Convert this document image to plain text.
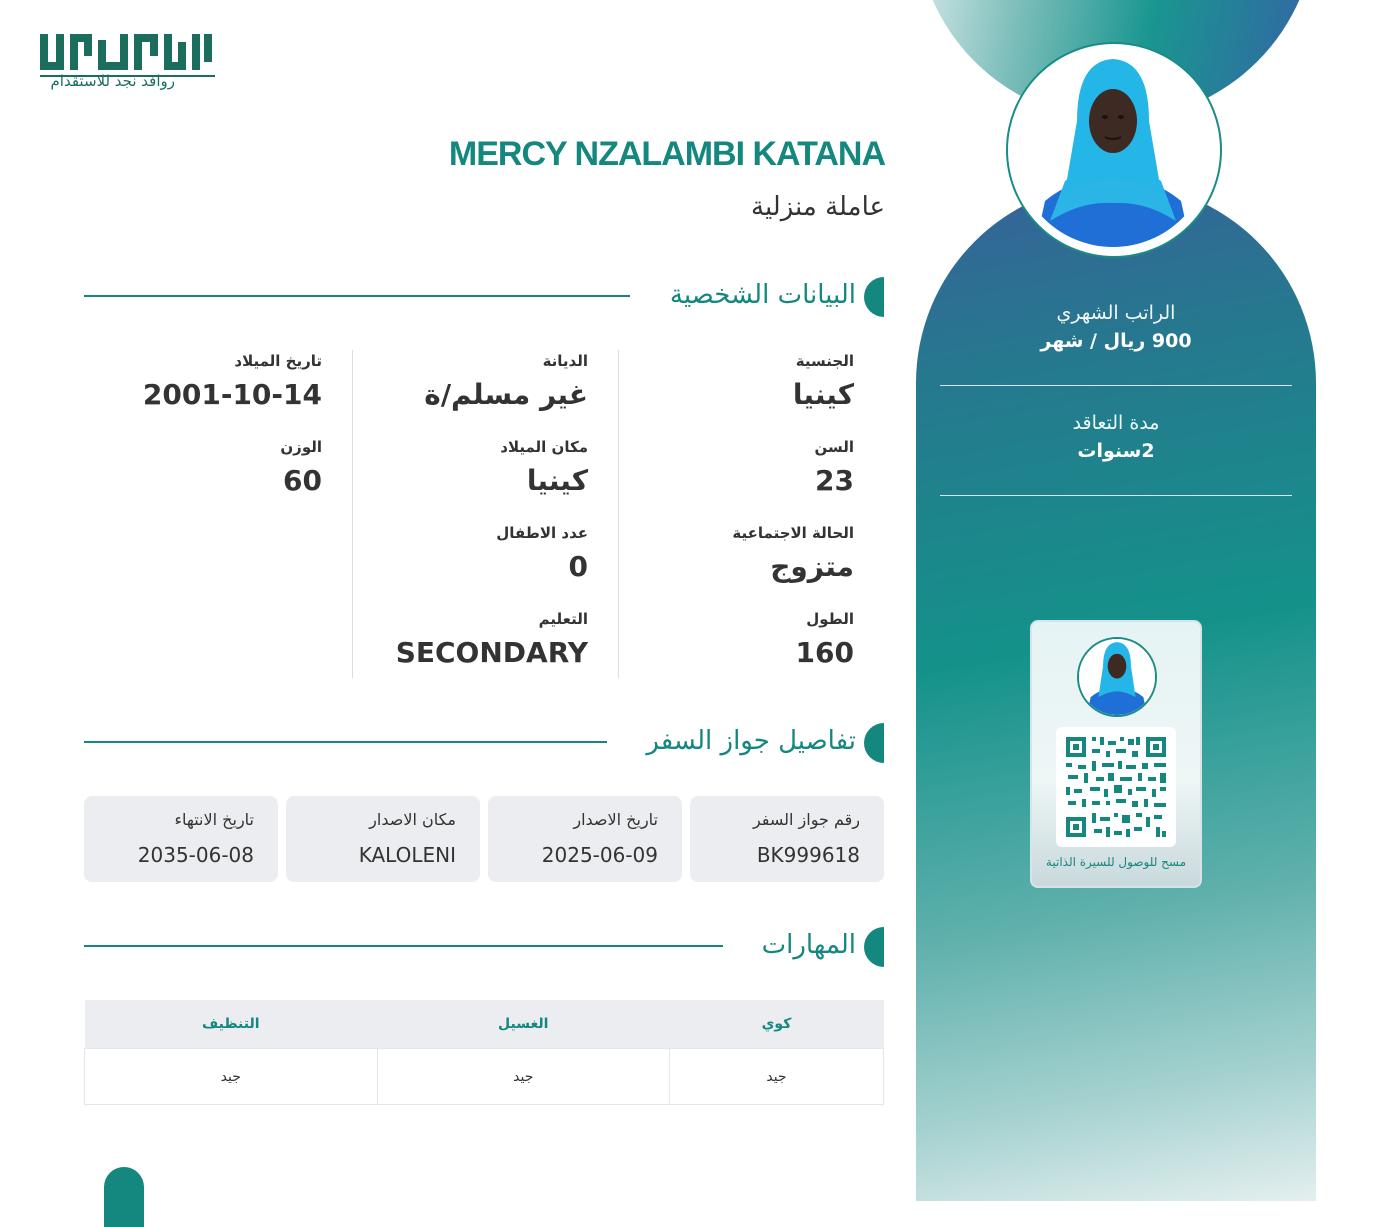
روافد نجد للاستقدام
الراتب الشهري
900 ريال / شهر
مدة التعاقد
2سنوات
مسح للوصول للسيرة الذاتية
MERCY NZALAMBI KATANA
عاملة منزلية
البيانات الشخصية
الجنسية
كينيا
السن
23
الحالة الاجتماعية
متزوج
الطول
160
الديانة
غير مسلم/ة
مكان الميلاد
كينيا
عدد الاطفال
0
التعليم
SECONDARY
تاريخ الميلاد
2001-10-14
الوزن
60
تفاصيل جواز السفر
رقم جواز السفر
BK999618
تاريخ الاصدار
2025-06-09
مكان الاصدار
KALOLENI
تاريخ الانتهاء
2035-06-08
المهارات
كوي	الغسيل	التنظيف
جيد	جيد	جيد
